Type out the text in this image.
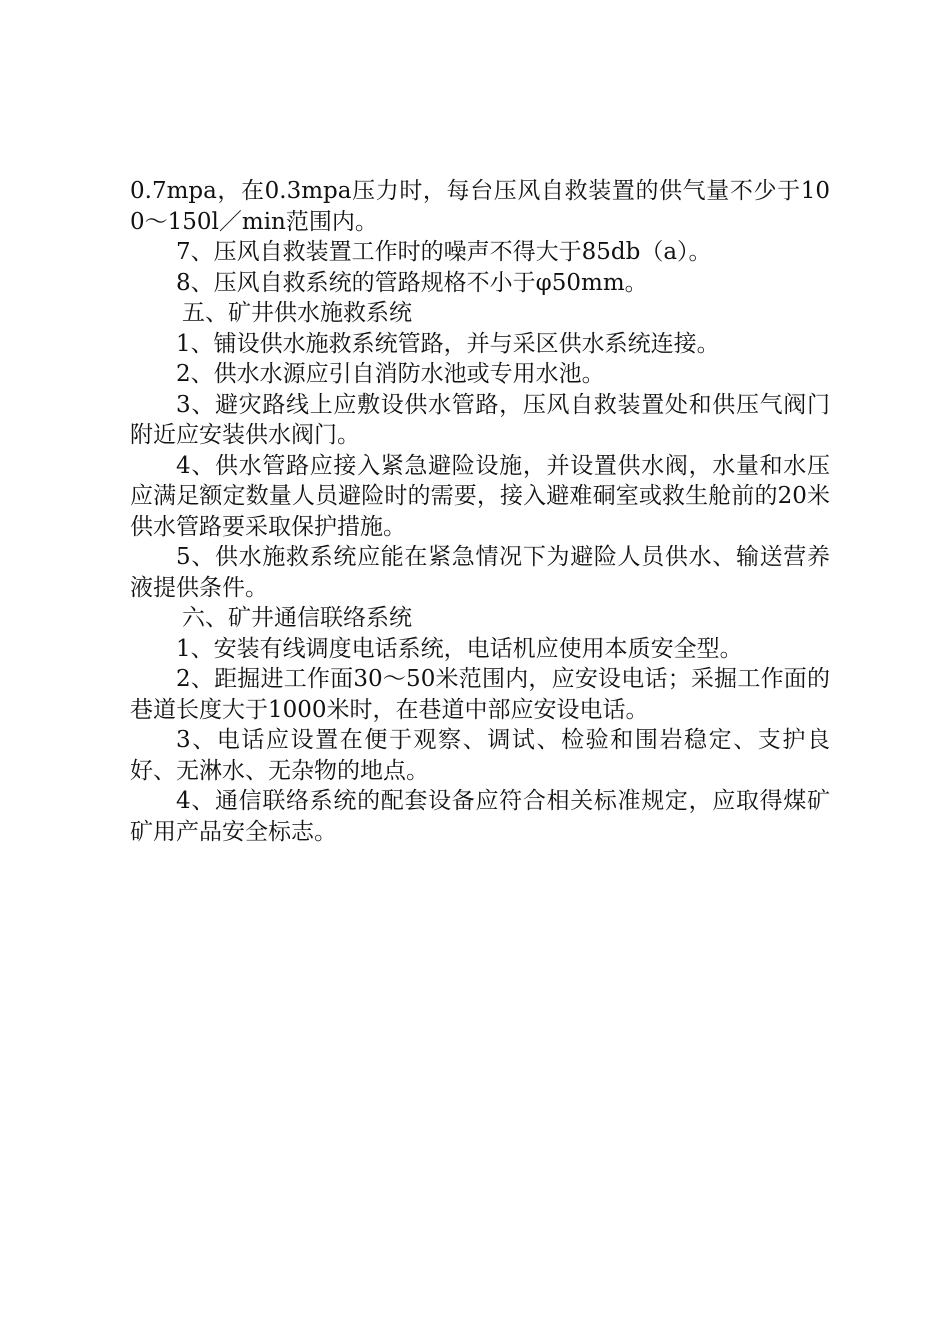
0.7mpa，在0.3mpa压力时，每台压风自救装置的供气量不少于100～150l／min范围内。

7、压风自救装置工作时的噪声不得大于85db（a）。

8、压风自救系统的管路规格不小于φ50mm。

五、矿井供水施救系统

1、铺设供水施救系统管路，并与采区供水系统连接。

2、供水水源应引自消防水池或专用水池。

3、避灾路线上应敷设供水管路，压风自救装置处和供压气阀门附近应安装供水阀门。

4、供水管路应接入紧急避险设施，并设置供水阀，水量和水压应满足额定数量人员避险时的需要，接入避难硐室或救生舱前的20米供水管路要采取保护措施。

5、供水施救系统应能在紧急情况下为避险人员供水、输送营养液提供条件。

六、矿井通信联络系统

1、安装有线调度电话系统，电话机应使用本质安全型。

2、距掘进工作面30～50米范围内，应安设电话；采掘工作面的巷道长度大于1000米时，在巷道中部应安设电话。

3、电话应设置在便于观察、调试、检验和围岩稳定、支护良好、无淋水、无杂物的地点。

4、通信联络系统的配套设备应符合相关标准规定，应取得煤矿矿用产品安全标志。
